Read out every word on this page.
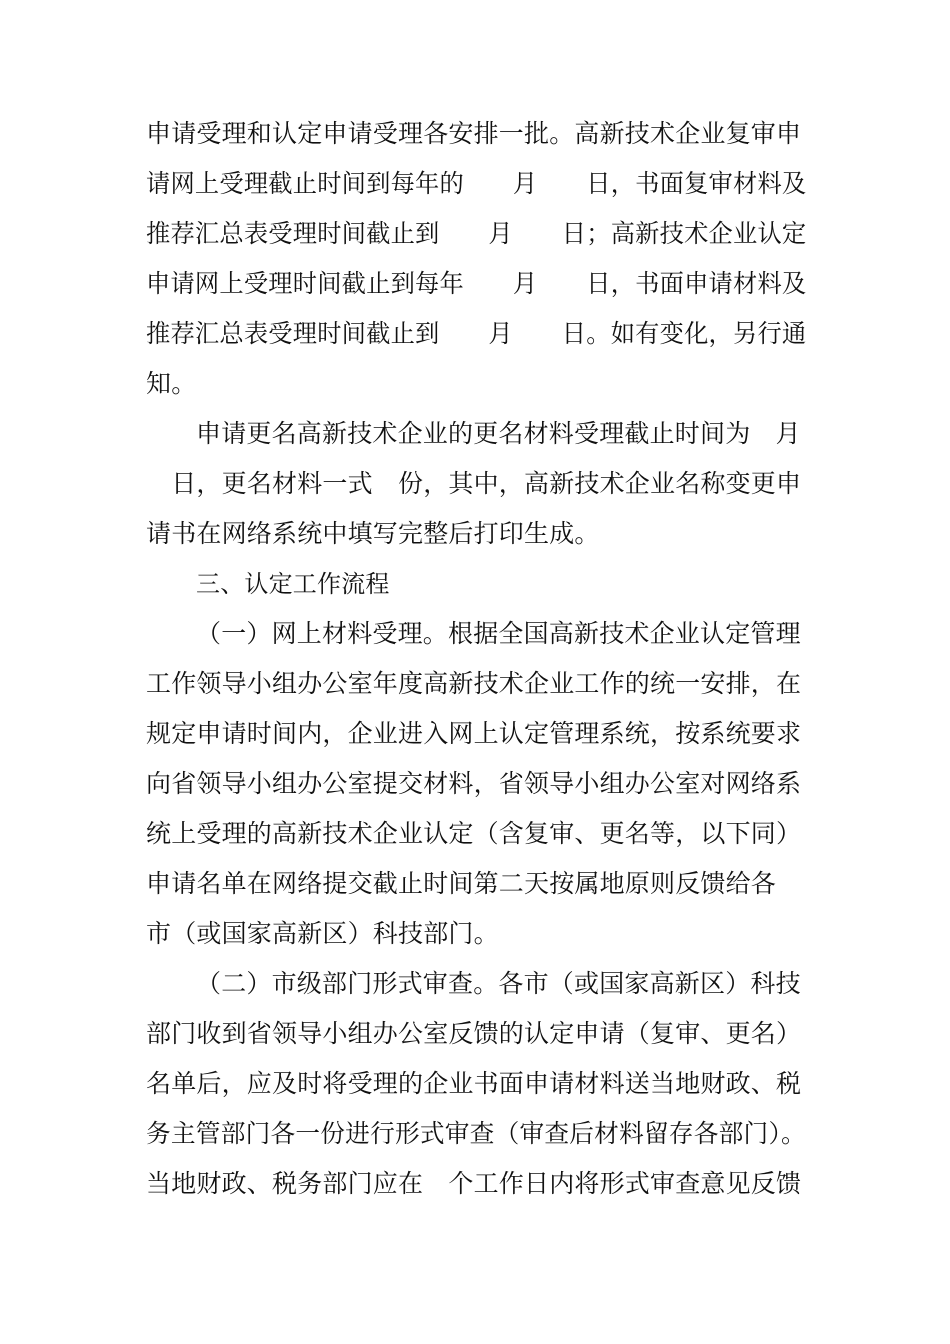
申请受理和认定申请受理各安排一批。高新技术企业复审申
请网上受理截止时间到每年的　　月　　日，书面复审材料及
推荐汇总表受理时间截止到　　月　　日；高新技术企业认定
申请网上受理时间截止到每年　　月　　日，书面申请材料及
推荐汇总表受理时间截止到　　月　　日。如有变化，另行通
知。
申请更名高新技术企业的更名材料受理截止时间为　月
　日，更名材料一式　份，其中，高新技术企业名称变更申
请书在网络系统中填写完整后打印生成。
三、认定工作流程
（一）网上材料受理。根据全国高新技术企业认定管理
工作领导小组办公室年度高新技术企业工作的统一安排，在
规定申请时间内，企业进入网上认定管理系统，按系统要求
向省领导小组办公室提交材料，省领导小组办公室对网络系
统上受理的高新技术企业认定（含复审、更名等，以下同）
申请名单在网络提交截止时间第二天按属地原则反馈给各
市（或国家高新区）科技部门。
（二）市级部门形式审查。各市（或国家高新区）科技
部门收到省领导小组办公室反馈的认定申请（复审、更名）
名单后，应及时将受理的企业书面申请材料送当地财政、税
务主管部门各一份进行形式审查（审查后材料留存各部门）。
当地财政、税务部门应在　个工作日内将形式审查意见反馈
